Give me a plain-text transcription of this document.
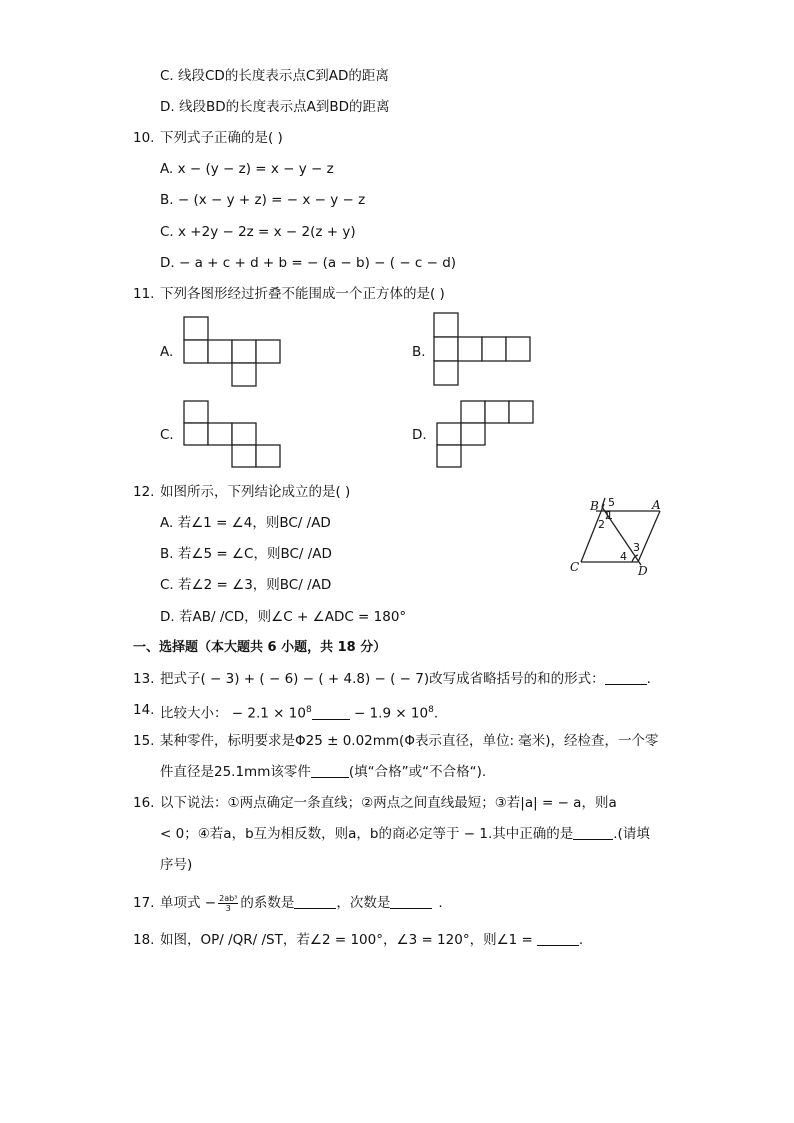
C. 线段CD的长度表示点C到AD的距离
D. 线段BD的长度表示点A到BD的距离
10. 下列式子正确的是( )
A. x − (y − z) = x − y − z
B. − (x − y + z) = − x − y − z
C. x +2y − 2z = x − 2(z + y)
D. − a + c + d + b = − (a − b) − ( − c − d)
11. 下列各图形经过折叠不能围成一个正方体的是( )
A.	B.
C.	D.
12. 如图所示，下列结论成立的是( )
A. 若∠1 = ∠4，则BC/ /AD
B. 若∠5 = ∠C，则BC/ /AD
C. 若∠2 = ∠3，则BC/ /AD
D. 若AB/ /CD，则∠C + ∠ADC = 180°
B	A
C	D
5
1
2
3
4
一、选择题（本大题共 6 小题，共 18 分）
13. 把式子( − 3) + ( − 6) − ( + 4.8) − ( − 7)改写成省略括号的和的形式：	.
14. 比较大小： − $2.1 \times 10^8$	− $1.9 \times 10^8$.
15. 某种零件，标明要求是Φ25 ± 0.02mm(Φ表示直径，单位: 毫米)，经检查，一个零
件直径是25.1mm该零件	(填“合格”或“不合格“).
16. 以下说法：①两点确定一条直线；②两点之间直线最短；③若|a| = − a，则a
< 0；④若a，b互为相反数，则a，b的商必定等于 − 1.其中正确的是	.(请填
序号)
17. 单项式 − $\frac{\text{2ab³}}{3}$ 的系数是	，次数是	.
18. 如图，OP/ /QR/ /ST，若∠2 = 100°，∠3 = 120°，则∠1 =	.
